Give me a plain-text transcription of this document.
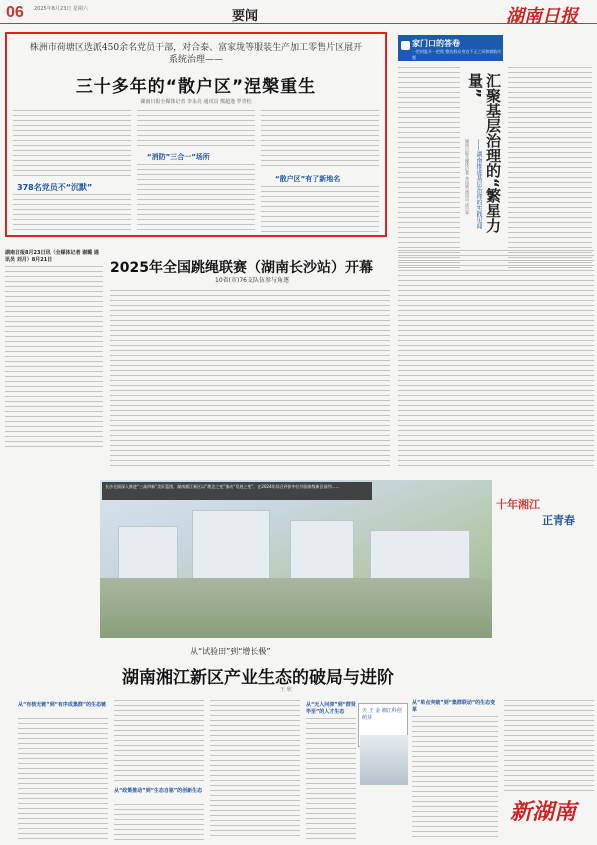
06 2025年8月23日 星期六	要闻	湖南日报
株洲市荷塘区选派450余名党员干部，对合泰、富家垅等服装生产加工零售片区展开系统治理——
三十多年的“散户区”涅槃重生
湖南日报全媒体记者 李永亮 通讯员 熊超逸 罗青松
378名党员不“沉默”
“消防”三合一”场所
“散户区”有了新地名
家门口的答卷
一把钥匙开一把锁 整治群众身边不正之风和腐败问题
汇聚基层治理的“繁星力量”
——湖南推进基层治理的实践见闻
湖南日报全媒体记者 李国斌 通讯员 成日华
湖南日报8月23日讯（全媒体记者 谢璐 通讯员 刘月）8月21日	2025年全国跳绳联赛（湖南长沙站）开幕
10省(市)76支队伍参与角逐
长沙全面深入推进“三高四新”美好蓝图，湖南湘江新区以“理念之变”推动“发展之变”，在2024年综合评价中位列国家级新区前列……
十年湘江
正青春
从“试验田”到“增长极”
湖南湘江新区产业生态的破局与进阶
王 欣
从“有核无链”到“有序成集群”的生态链
从“政策推动”到“生态自驱”的创新生态
从“无人问津”到“群贤毕至”的人才生态
从“单点突破”到“集群联动”的生态变革
天 王 金 湘江科创 萌芽
新湖南
